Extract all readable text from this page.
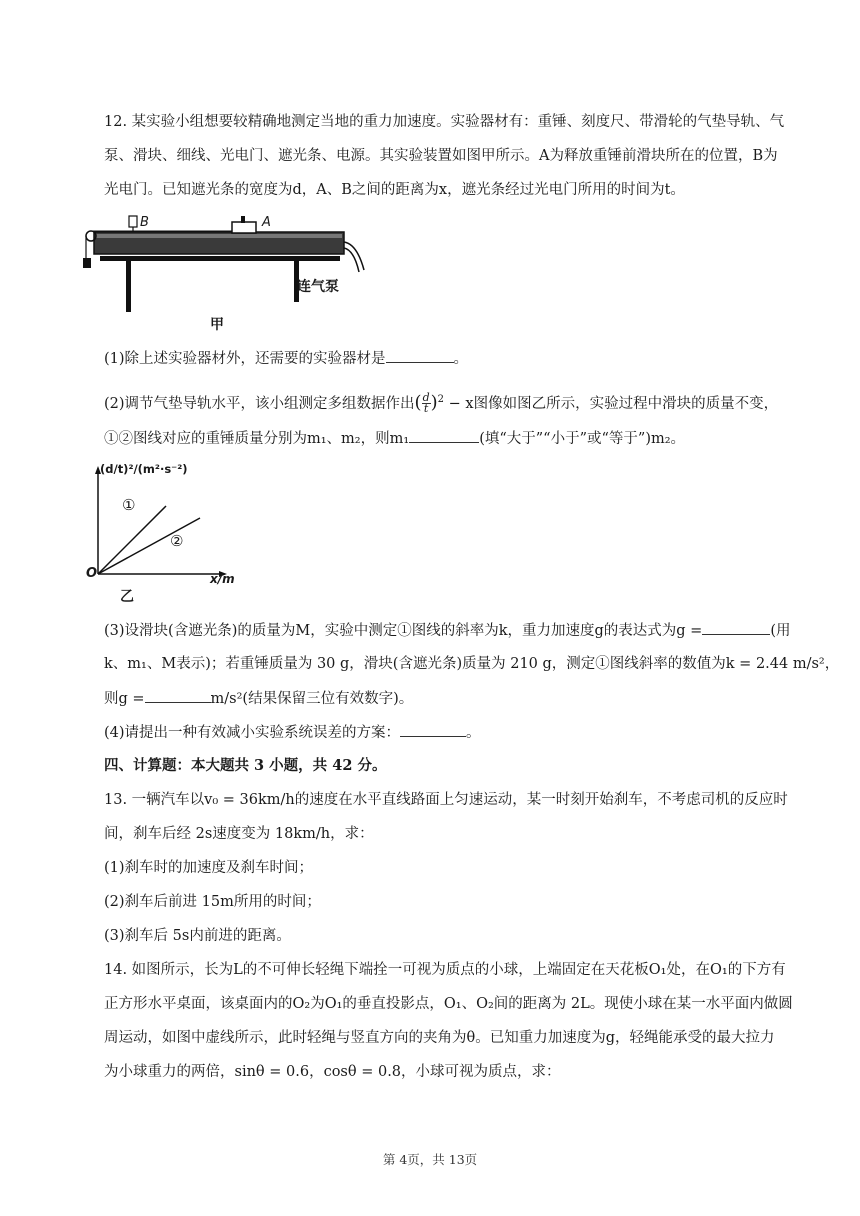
12. 某实验小组想要较精确地测定当地的重力加速度。实验器材有：重锤、刻度尺、带滑轮的气垫导轨、气
泵、滑块、细线、光电门、遮光条、电源。其实验装置如图甲所示。A为释放重锤前滑块所在的位置，B为
光电门。已知遮光条的宽度为d，A、B之间的距离为x，遮光条经过光电门所用的时间为t。
B	A
连气泵
甲
(1)除上述实验器材外，还需要的实验器材是	。
(2)调节气垫导轨水平，该小组测定多组数据作出( $\frac{d}{t} )^2 - x$图像如图乙所示，实验过程中滑块的质量不变，
①②图线对应的重锤质量分别为m₁、m₂，则m₁	(填“大于”“小于”或“等于”)m₂。
(d/t)²/(m²·s⁻²)
①
②
O	x/m
乙
(3)设滑块(含遮光条)的质量为M，实验中测定①图线的斜率为k，重力加速度g的表达式为g =	(用
k、m₁、M表示)；若重锤质量为 30 g，滑块(含遮光条)质量为 210 g，测定①图线斜率的数值为k = 2.44 m/s²，
则g =	m/s²(结果保留三位有效数字)。
(4)请提出一种有效减小实验系统误差的方案：	。
四、计算题：本大题共 3 小题，共 42 分。
13. 一辆汽车以v₀ = 36km/h的速度在水平直线路面上匀速运动，某一时刻开始刹车，不考虑司机的反应时
间，刹车后经 2s速度变为 18km/h，求：
(1)刹车时的加速度及刹车时间；
(2)刹车后前进 15m所用的时间；
(3)刹车后 5s内前进的距离。
14. 如图所示，长为L的不可伸长轻绳下端拴一可视为质点的小球，上端固定在天花板O₁处，在O₁的下方有
正方形水平桌面，该桌面内的O₂为O₁的垂直投影点，O₁、O₂间的距离为 2L。现使小球在某一水平面内做圆
周运动，如图中虚线所示，此时轻绳与竖直方向的夹角为θ。已知重力加速度为g，轻绳能承受的最大拉力
为小球重力的两倍，sinθ = 0.6，cosθ = 0.8，小球可视为质点，求：
第 4页，共 13页
